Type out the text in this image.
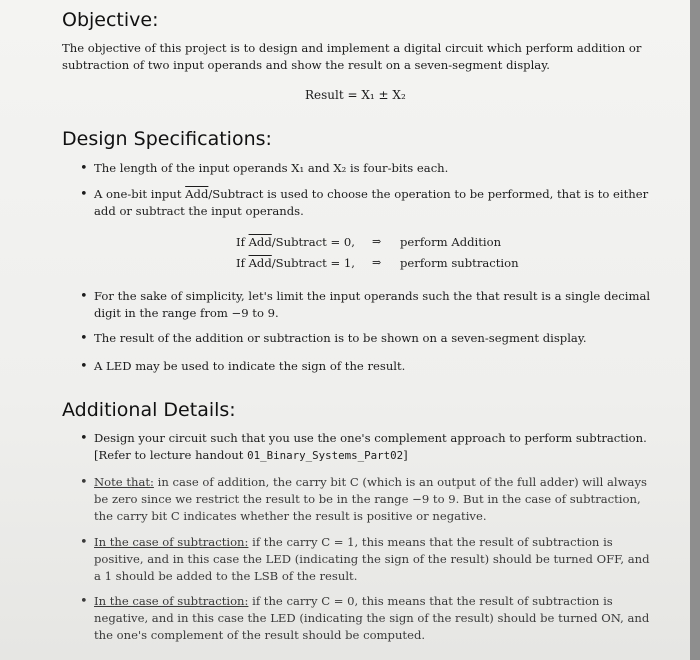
Objective:
The objective of this project is to design and implement a digital circuit which perform addition or subtraction of two input operands and show the result on a seven-segment display.
Result = X₁ ± X₂
Design Specifications:
• The length of the input operands X₁ and X₂ is four-bits each.
• A one-bit input $\overline{Add}$/Subtract is used to choose the operation to be performed, that is to either add or subtract the input operands.
• For the sake of simplicity, let's limit the input operands such the that result is a single decimal digit in the range from −9 to 9.
• The result of the addition or subtraction is to be shown on a seven-segment display.
• A LED may be used to indicate the sign of the result.
If $\overline{Add}$/Subtract = 0, ⇒ perform Addition
If $\overline{Add}$/Subtract = 1, ⇒ perform subtraction
Additional Details:
• Design your circuit such that you use the one's complement approach to perform subtraction. [Refer to lecture handout 01_Binary_Systems_Part02]
• Note that: in case of addition, the carry bit C (which is an output of the full adder) will always be zero since we restrict the result to be in the range −9 to 9. But in the case of subtraction, the carry bit C indicates whether the result is positive or negative.
• In the case of subtraction: if the carry C = 1, this means that the result of subtraction is positive, and in this case the LED (indicating the sign of the result) should be turned OFF, and a 1 should be added to the LSB of the result.
• In the case of subtraction: if the carry C = 0, this means that the result of subtraction is negative, and in this case the LED (indicating the sign of the result) should be turned ON, and the one's complement of the result should be computed.
